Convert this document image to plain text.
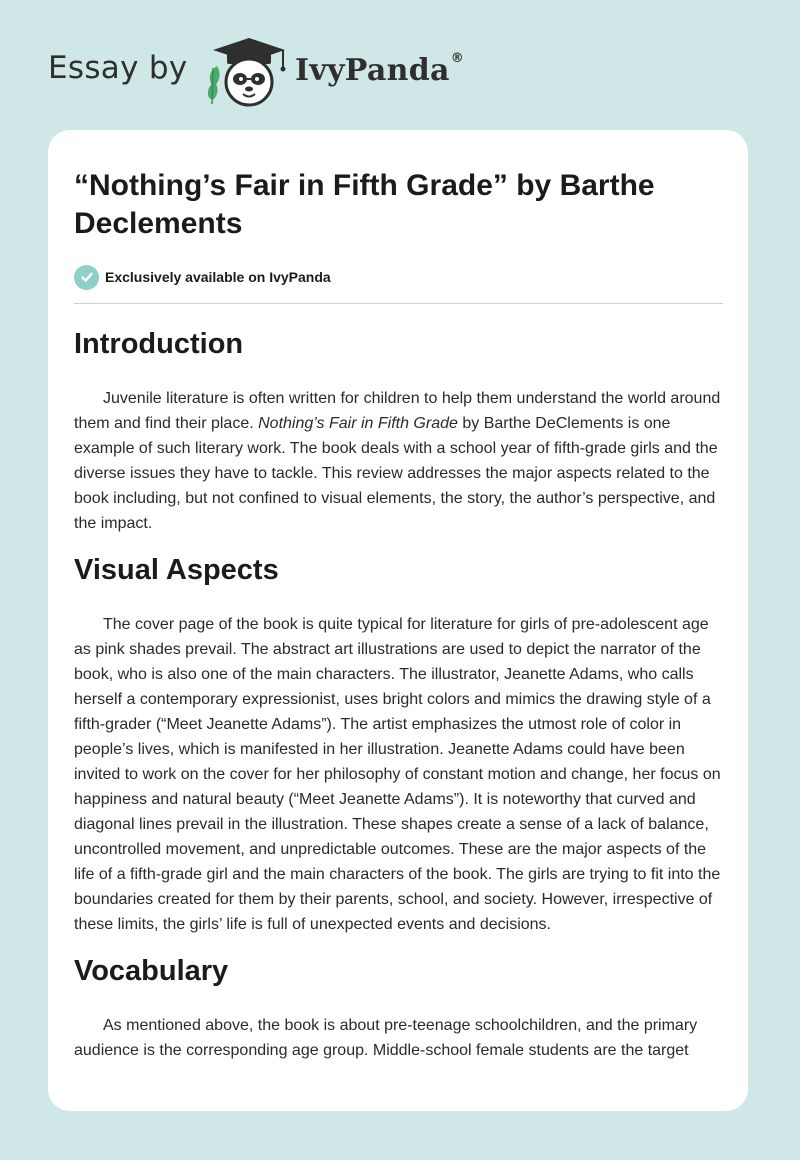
Essay by	IvyPanda®
“Nothing’s Fair in Fifth Grade” by Barthe Declements
Exclusively available on IvyPanda
Introduction

Juvenile literature is often written for children to help them understand the world around them and find their place. Nothing’s Fair in Fifth Grade by Barthe DeClements is one example of such literary work. The book deals with a school year of fifth-grade girls and the diverse issues they have to tackle. This review addresses the major aspects related to the book including, but not confined to visual elements, the story, the author’s perspective, and the impact.

Visual Aspects

The cover page of the book is quite typical for literature for girls of pre-adolescent age as pink shades prevail. The abstract art illustrations are used to depict the narrator of the book, who is also one of the main characters. The illustrator, Jeanette Adams, who calls herself a contemporary expressionist, uses bright colors and mimics the drawing style of a fifth-grader (“Meet Jeanette Adams”). The artist emphasizes the utmost role of color in people’s lives, which is manifested in her illustration. Jeanette Adams could have been invited to work on the cover for her philosophy of constant motion and change, her focus on happiness and natural beauty (“Meet Jeanette Adams”). It is noteworthy that curved and diagonal lines prevail in the illustration. These shapes create a sense of a lack of balance, uncontrolled movement, and unpredictable outcomes. These are the major aspects of the life of a fifth-grade girl and the main characters of the book. The girls are trying to fit into the boundaries created for them by their parents, school, and society. However, irrespective of these limits, the girls’ life is full of unexpected events and decisions.

Vocabulary

As mentioned above, the book is about pre-teenage schoolchildren, and the primary audience is the corresponding age group. Middle-school female students are the target
